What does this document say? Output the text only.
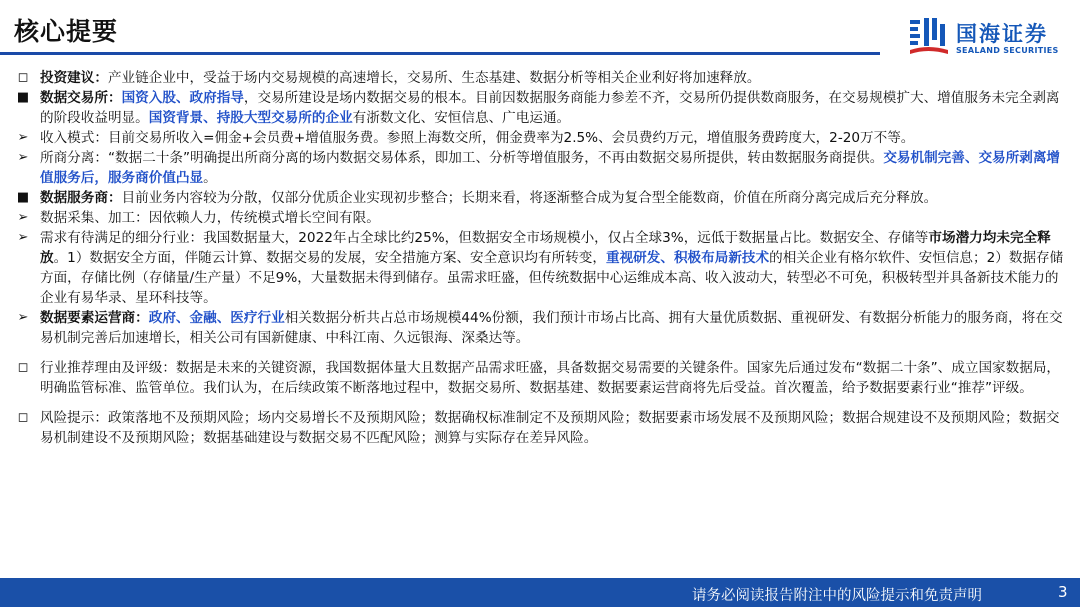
核心提要	国海证券
SEALAND SECURITIES
◻ 投资建议：产业链企业中，受益于场内交易规模的高速增长，交易所、生态基建、数据分析等相关企业利好将加速释放。
■ 数据交易所：国资入股、政府指导，交易所建设是场内数据交易的根本。目前因数据服务商能力参差不齐，交易所仍提供数商服务，在交易规模扩大、增值服务未完全剥离的阶段收益明显。国资背景、持股大型交易所的企业有浙数文化、安恒信息、广电运通。
➢ 收入模式：目前交易所收入=佣金+会员费+增值服务费。参照上海数交所，佣金费率为2.5%、会员费约万元，增值服务费跨度大，2-20万不等。
➢ 所商分离：“数据二十条”明确提出所商分离的场内数据交易体系，即加工、分析等增值服务，不再由数据交易所提供，转由数据服务商提供。交易机制完善、交易所剥离增值服务后，服务商价值凸显。
■ 数据服务商：目前业务内容较为分散，仅部分优质企业实现初步整合；长期来看，将逐渐整合成为复合型全能数商，价值在所商分离完成后充分释放。
➢ 数据采集、加工：因依赖人力，传统模式增长空间有限。
➢ 需求有待满足的细分行业：我国数据量大，2022年占全球比约25%，但数据安全市场规模小，仅占全球3%，远低于数据量占比。数据安全、存储等市场潜力均未完全释放。1）数据安全方面，伴随云计算、数据交易的发展，安全措施方案、安全意识均有所转变，重视研发、积极布局新技术的相关企业有格尔软件、安恒信息；2）数据存储方面，存储比例（存储量/生产量）不足9%，大量数据未得到储存。虽需求旺盛，但传统数据中心运维成本高、收入波动大，转型必不可免，积极转型并具备新技术能力的企业有易华录、星环科技等。
➢ 数据要素运营商：政府、金融、医疗行业相关数据分析共占总市场规模44%份额，我们预计市场占比高、拥有大量优质数据、重视研发、有数据分析能力的服务商，将在交易机制完善后加速增长，相关公司有国新健康、中科江南、久远银海、深桑达等。
◻ 行业推荐理由及评级：数据是未来的关键资源，我国数据体量大且数据产品需求旺盛，具备数据交易需要的关键条件。国家先后通过发布“数据二十条”、成立国家数据局，明确监管标准、监管单位。我们认为，在后续政策不断落地过程中，数据交易所、数据基建、数据要素运营商将先后受益。首次覆盖，给予数据要素行业“推荐”评级。
◻ 风险提示：政策落地不及预期风险；场内交易增长不及预期风险；数据确权标准制定不及预期风险；数据要素市场发展不及预期风险；数据合规建设不及预期风险；数据交易机制建设不及预期风险；数据基础建设与数据交易不匹配风险；测算与实际存在差异风险。
请务必阅读报告附注中的风险提示和免责声明	3
